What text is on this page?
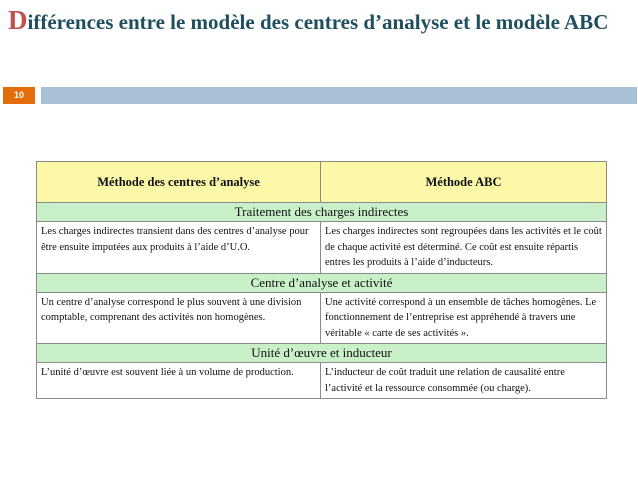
Différences entre le modèle des centres d’analyse et le modèle ABC
10
Méthode des centres d’analyse	Méthode ABC
Traitement des charges indirectes	
Les charges indirectes transient dans des centres d’analyse pour être ensuite imputées aux produits à l’aide d’U.O.	Les charges indirectes sont regroupées dans les activités et le coût de chaque activité est déterminé. Ce coût est ensuite répartis entres les produits à l’aide d’inducteurs.
Centre d’analyse et activité	
Un centre d’analyse correspond le plus souvent à une division comptable, comprenant des activités non homogènes.	Une activité correspond à un ensemble de tâches homogènes. Le fonctionnement de l’entreprise est appréhendé à travers une véritable « carte de ses activités ».
Unité d’œuvre et inducteur	
L’unité d’œuvre est souvent liée à un volume de production.	L’inducteur de coût traduit une relation de causalité entre l’activité et la ressource consommée (ou charge).
